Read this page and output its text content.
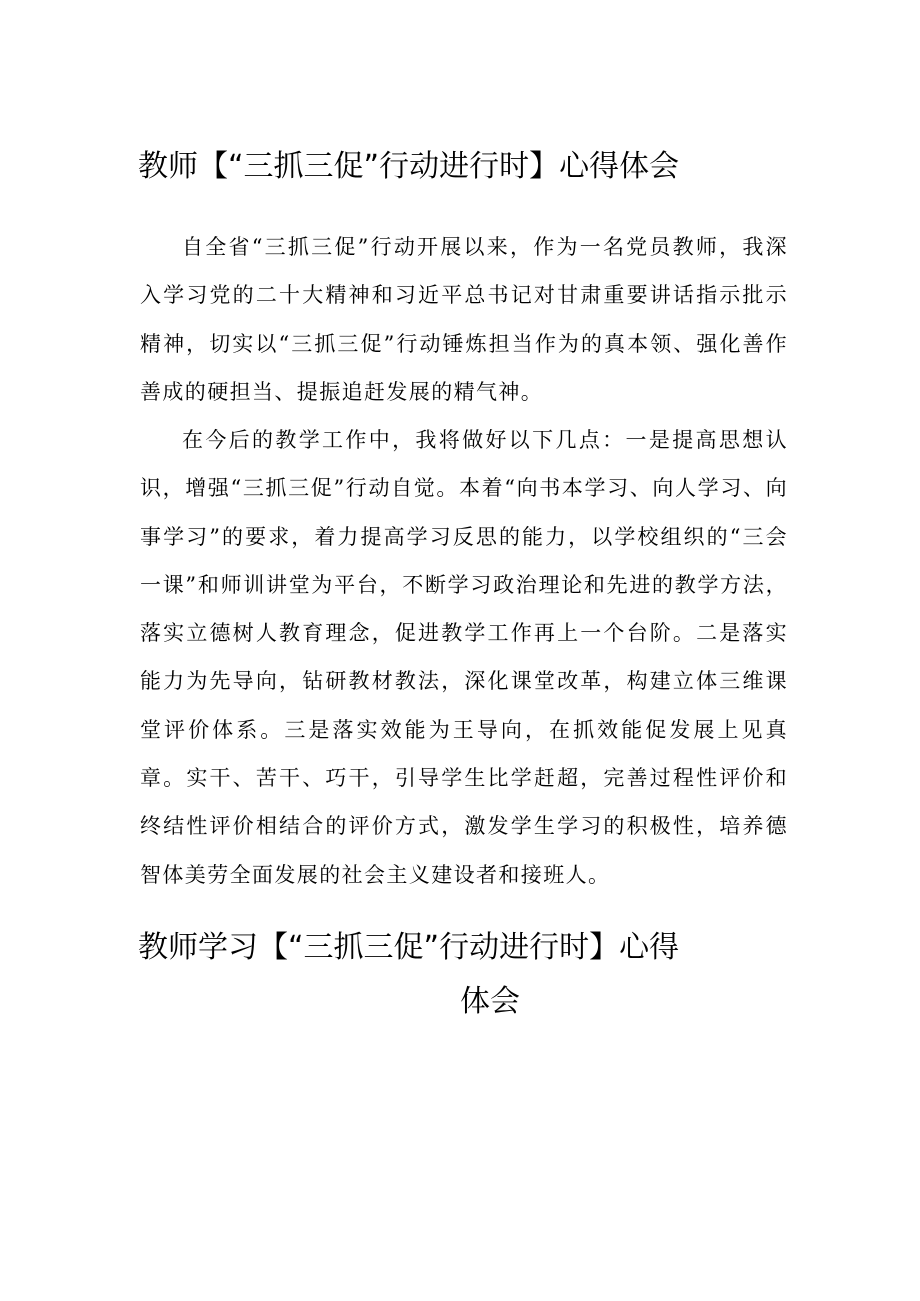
教师【“三抓三促”行动进行时】心得体会

自全省“三抓三促”行动开展以来，作为一名党员教师，我深入学习党的二十大精神和习近平总书记对甘肃重要讲话指示批示精神，切实以“三抓三促”行动锤炼担当作为的真本领、强化善作善成的硬担当、提振追赶发展的精气神。

在今后的教学工作中，我将做好以下几点：一是提高思想认识，增强“三抓三促”行动自觉。本着“向书本学习、向人学习、向事学习”的要求，着力提高学习反思的能力，以学校组织的“三会一课”和师训讲堂为平台，不断学习政治理论和先进的教学方法，落实立德树人教育理念，促进教学工作再上一个台阶。二是落实能力为先导向，钻研教材教法，深化课堂改革，构建立体三维课堂评价体系。三是落实效能为王导向，在抓效能促发展上见真章。实干、苦干、巧干，引导学生比学赶超，完善过程性评价和终结性评价相结合的评价方式，激发学生学习的积极性，培养德智体美劳全面发展的社会主义建设者和接班人。

教师学习【“三抓三促”行动进行时】心得
体会
